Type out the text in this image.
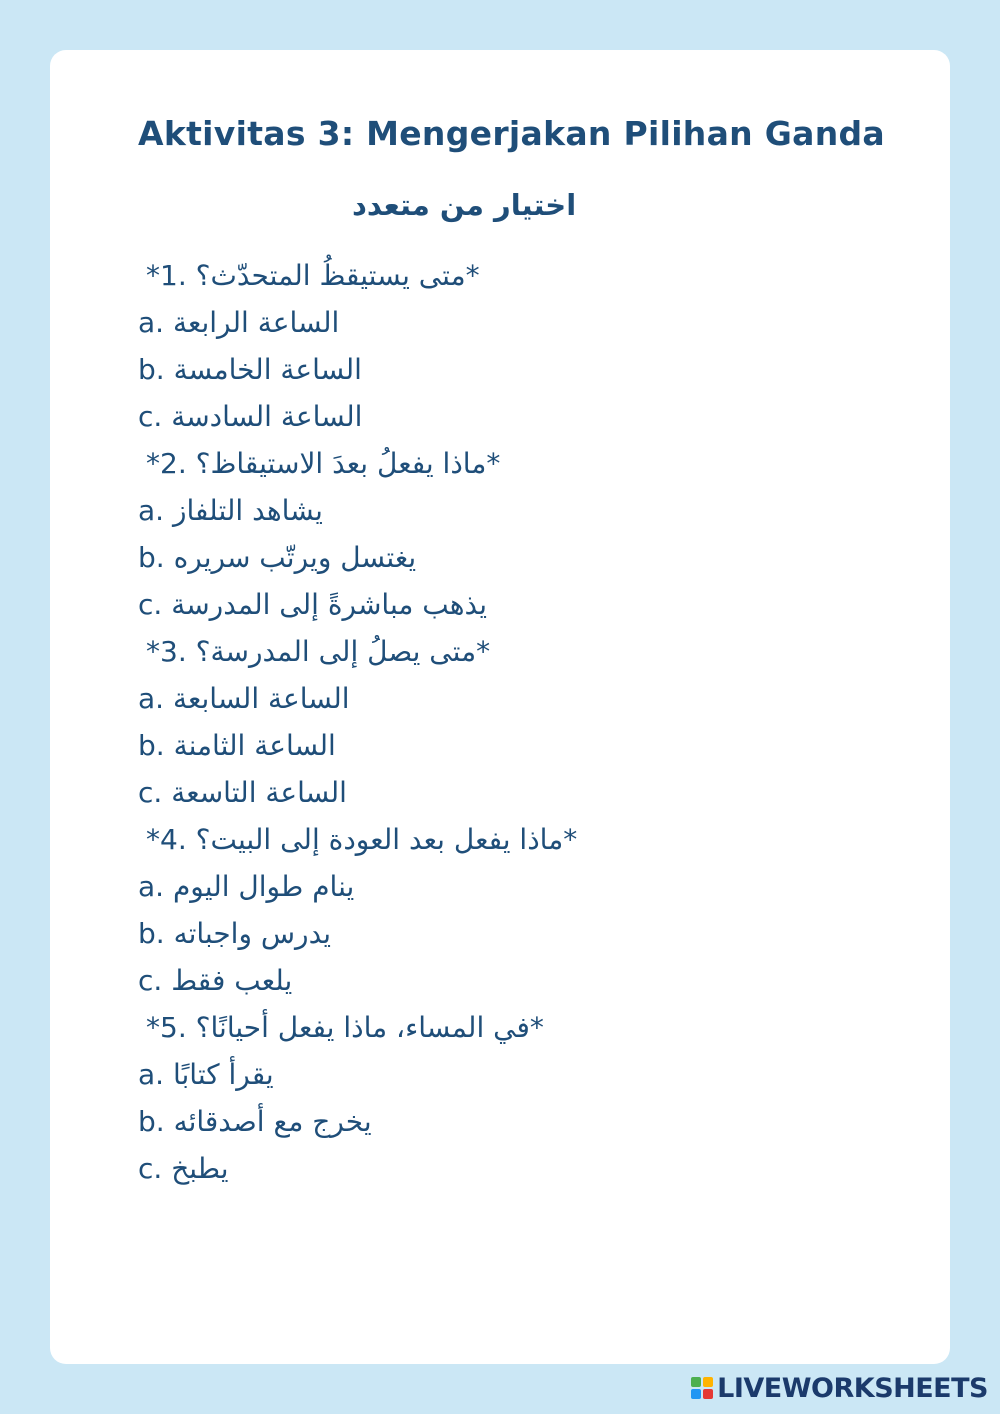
Aktivitas 3: Mengerjakan Pilihan Ganda
اختيار من متعدد
*متى يستيقظُ المتحدّث؟ .1*
a. الساعة الرابعة
b. الساعة الخامسة
c. الساعة السادسة
*ماذا يفعلُ بعدَ الاستيقاظ؟ .2*
a. يشاهد التلفاز
b. يغتسل ويرتّب سريره
c. يذهب مباشرةً إلى المدرسة
*متى يصلُ إلى المدرسة؟ .3*
a. الساعة السابعة
b. الساعة الثامنة
c. الساعة التاسعة
*ماذا يفعل بعد العودة إلى البيت؟ .4*
a. ينام طوال اليوم
b. يدرس واجباته
c. يلعب فقط
*في المساء، ماذا يفعل أحيانًا؟ .5*
a. يقرأ كتابًا
b. يخرج مع أصدقائه
c. يطبخ
LIVEWORKSHEETS
